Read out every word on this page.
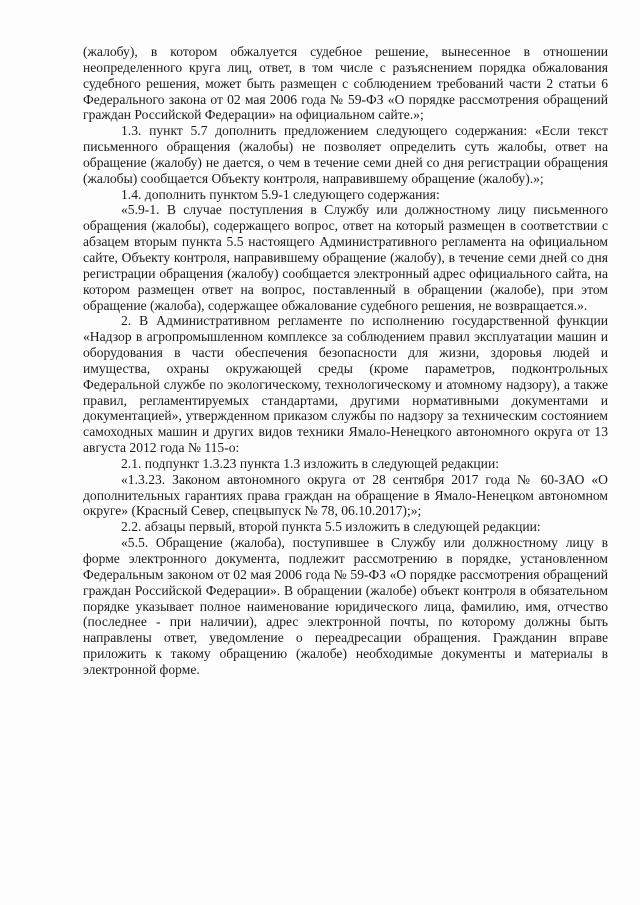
(жалобу), в котором обжалуется судебное решение, вынесенное в отношении неопределенного круга лиц, ответ, в том числе с разъяснением порядка обжалования судебного решения, может быть размещен с соблюдением требований части 2 статьи 6 Федерального закона от 02 мая 2006 года № 59-ФЗ «О порядке рассмотрения обращений граждан Российской Федерации» на официальном сайте.»;

1.3. пункт 5.7 дополнить предложением следующего содержания: «Если текст письменного обращения (жалобы) не позволяет определить суть жалобы, ответ на обращение (жалобу) не дается, о чем в течение семи дней со дня регистрации обращения (жалобы) сообщается Объекту контроля, направившему обращение (жалобу).»;

1.4. дополнить пунктом 5.9-1 следующего содержания:

«5.9-1. В случае поступления в Службу или должностному лицу письменного обращения (жалобы), содержащего вопрос, ответ на который размещен в соответствии с абзацем вторым пункта 5.5 настоящего Административного регламента на официальном сайте, Объекту контроля, направившему обращение (жалобу), в течение семи дней со дня регистрации обращения (жалобу) сообщается электронный адрес официального сайта, на котором размещен ответ на вопрос, поставленный в обращении (жалобе), при этом обращение (жалоба), содержащее обжалование судебного решения, не возвращается.».

2. В Административном регламенте по исполнению государственной функции «Надзор в агропромышленном комплексе за соблюдением правил эксплуатации машин и оборудования в части обеспечения безопасности для жизни, здоровья людей и имущества, охраны окружающей среды (кроме параметров, подконтрольных Федеральной службе по экологическому, технологическому и атомному надзору), а также правил, регламентируемых стандартами, другими нормативными документами и документацией», утвержденном приказом службы по надзору за техническим состоянием самоходных машин и других видов техники Ямало-Ненецкого автономного округа от 13 августа 2012 года № 115-о:

2.1. подпункт 1.3.23 пункта 1.3 изложить в следующей редакции:

«1.3.23. Законом автономного округа от 28 сентября 2017 года № 60-ЗАО «О дополнительных гарантиях права граждан на обращение в Ямало-Ненецком автономном округе» (Красный Север, спецвыпуск № 78, 06.10.2017);»;

2.2. абзацы первый, второй пункта 5.5 изложить в следующей редакции:

«5.5. Обращение (жалоба), поступившее в Службу или должностному лицу в форме электронного документа, подлежит рассмотрению в порядке, установленном Федеральным законом от 02 мая 2006 года № 59-ФЗ «О порядке рассмотрения обращений граждан Российской Федерации». В обращении (жалобе) объект контроля в обязательном порядке указывает полное наименование юридического лица, фамилию, имя, отчество (последнее - при наличии), адрес электронной почты, по которому должны быть направлены ответ, уведомление о переадресации обращения. Гражданин вправе приложить к такому обращению (жалобе) необходимые документы и материалы в электронной форме.
